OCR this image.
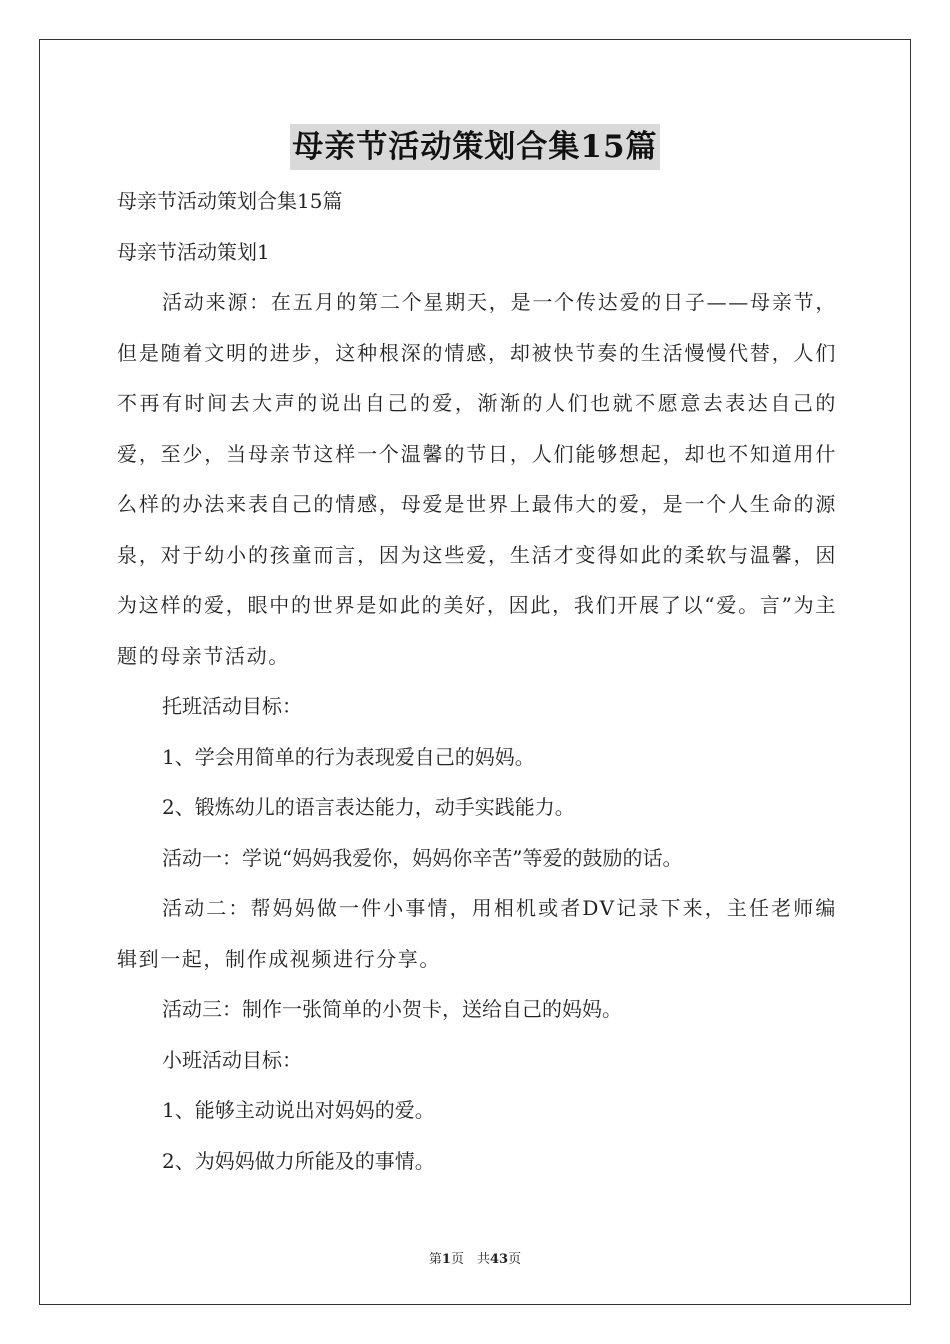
母亲节活动策划合集15篇
母亲节活动策划合集15篇
母亲节活动策划1
活动来源：在五月的第二个星期天，是一个传达爱的日子——母亲节，但是随着文明的进步，这种根深的情感，却被快节奏的生活慢慢代替，人们不再有时间去大声的说出自己的爱，渐渐的人们也就不愿意去表达自己的爱，至少，当母亲节这样一个温馨的节日，人们能够想起，却也不知道用什么样的办法来表自己的情感，母爱是世界上最伟大的爱，是一个人生命的源泉，对于幼小的孩童而言，因为这些爱，生活才变得如此的柔软与温馨，因为这样的爱，眼中的世界是如此的美好，因此，我们开展了以“爱。言”为主题的母亲节活动。
托班活动目标：
1、学会用简单的行为表现爱自己的妈妈。
2、锻炼幼儿的语言表达能力，动手实践能力。
活动一：学说“妈妈我爱你，妈妈你辛苦”等爱的鼓励的话。
活动二：帮妈妈做一件小事情，用相机或者DV记录下来，主任老师编辑到一起，制作成视频进行分享。
活动三：制作一张简单的小贺卡，送给自己的妈妈。
小班活动目标：
1、能够主动说出对妈妈的爱。
2、为妈妈做力所能及的事情。
第1页　共43页
